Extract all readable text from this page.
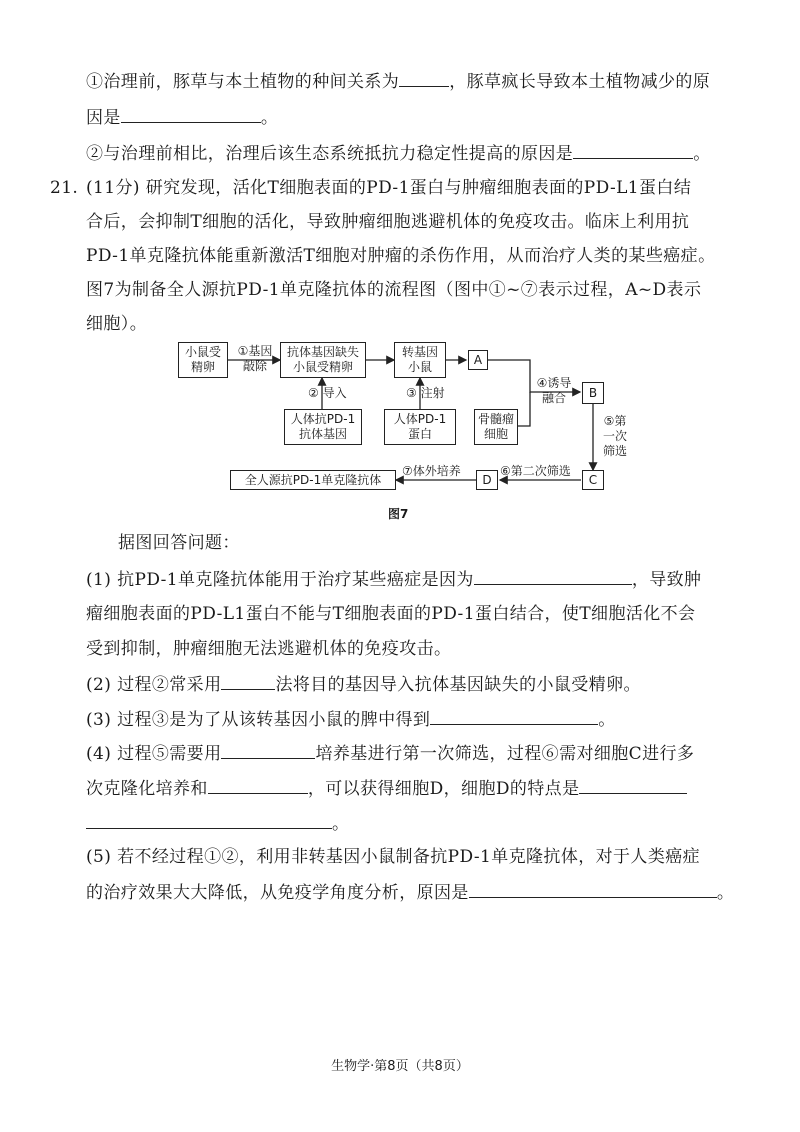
①治理前，豚草与本土植物的种间关系为	，豚草疯长导致本土植物减少的原
因是	。
②与治理前相比，治理后该生态系统抵抗力稳定性提高的原因是	。
21. (11分) 研究发现，活化T细胞表面的PD-1蛋白与肿瘤细胞表面的PD-L1蛋白结
合后，会抑制T细胞的活化，导致肿瘤细胞逃避机体的免疫攻击。临床上利用抗
PD-1单克隆抗体能重新激活T细胞对肿瘤的杀伤作用，从而治疗人类的某些癌症。
图7为制备全人源抗PD-1单克隆抗体的流程图（图中①~⑦表示过程，A~D表示
细胞）。
小鼠受
精卵
①基因
敲除
抗体基因缺失
小鼠受精卵
转基因
小鼠
A
② 导入	③ 注射
人体抗PD-1
抗体基因
人体PD-1
蛋白
骨髓瘤
细胞
④诱导
融合	B
⑤第
一次
筛选
C
⑥第二次筛选
D
⑦体外培养
全人源抗PD-1单克隆抗体
图7
据图回答问题：
(1) 抗PD-1单克隆抗体能用于治疗某些癌症是因为	，导致肿
瘤细胞表面的PD-L1蛋白不能与T细胞表面的PD-1蛋白结合，使T细胞活化不会
受到抑制，肿瘤细胞无法逃避机体的免疫攻击。
(2) 过程②常采用	法将目的基因导入抗体基因缺失的小鼠受精卵。
(3) 过程③是为了从该转基因小鼠的脾中得到	。
(4) 过程⑤需要用	培养基进行第一次筛选，过程⑥需对细胞C进行多
次克隆化培养和	，可以获得细胞D，细胞D的特点是
。
(5) 若不经过程①②，利用非转基因小鼠制备抗PD-1单克隆抗体，对于人类癌症
的治疗效果大大降低，从免疫学角度分析，原因是	。
生物学·第8页（共8页）
